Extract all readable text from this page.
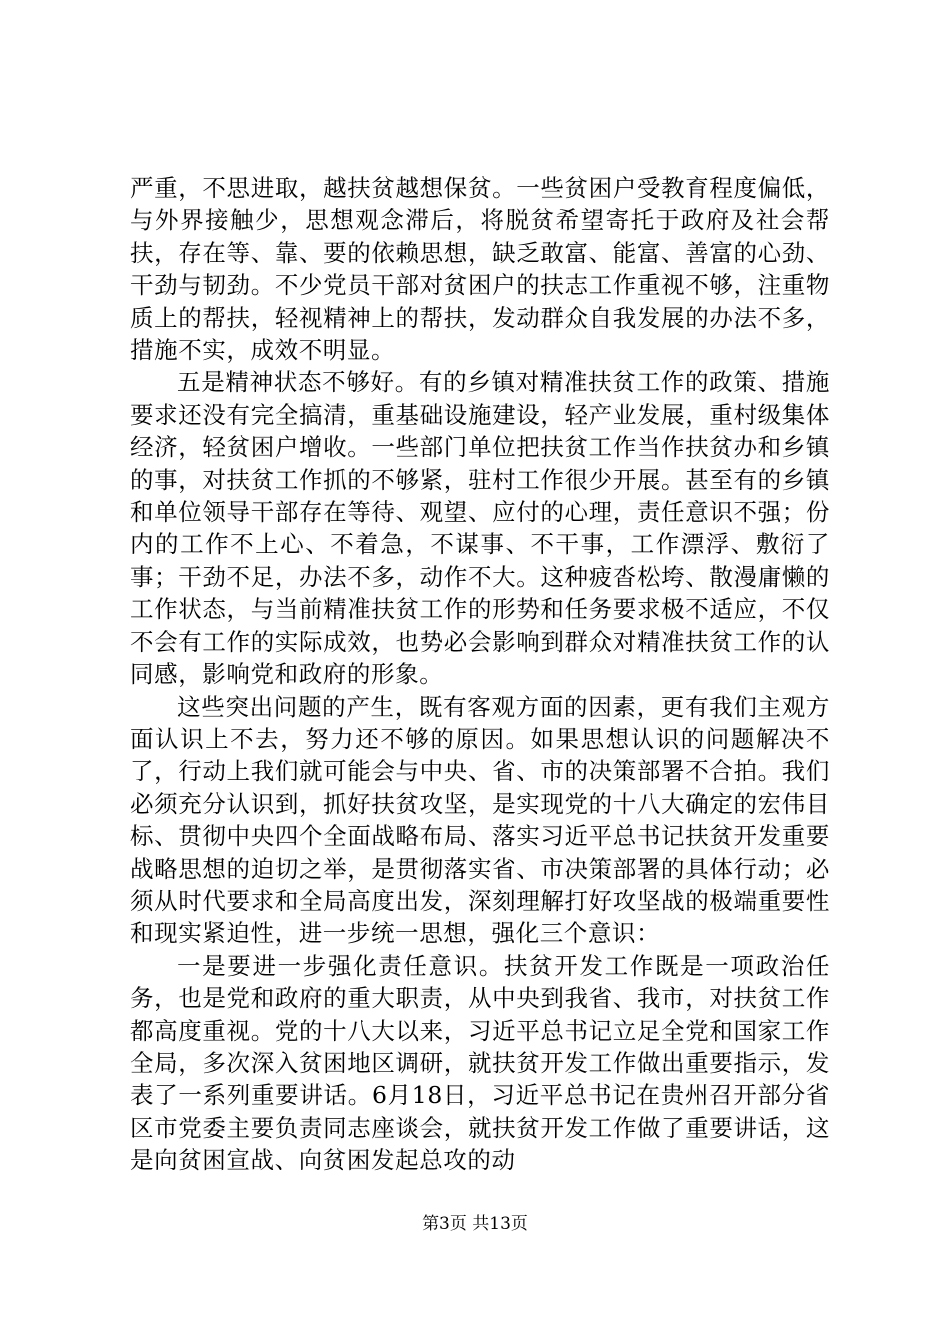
严重，不思进取，越扶贫越想保贫。一些贫困户受教育程度偏低，与外界接触少，思想观念滞后，将脱贫希望寄托于政府及社会帮扶，存在等、靠、要的依赖思想，缺乏敢富、能富、善富的心劲、干劲与韧劲。不少党员干部对贫困户的扶志工作重视不够，注重物质上的帮扶，轻视精神上的帮扶，发动群众自我发展的办法不多，措施不实，成效不明显。

五是精神状态不够好。有的乡镇对精准扶贫工作的政策、措施要求还没有完全搞清，重基础设施建设，轻产业发展，重村级集体经济，轻贫困户增收。一些部门单位把扶贫工作当作扶贫办和乡镇的事，对扶贫工作抓的不够紧，驻村工作很少开展。甚至有的乡镇和单位领导干部存在等待、观望、应付的心理，责任意识不强；份内的工作不上心、不着急，不谋事、不干事，工作漂浮、敷衍了事；干劲不足，办法不多，动作不大。这种疲沓松垮、散漫庸懒的工作状态，与当前精准扶贫工作的形势和任务要求极不适应，不仅不会有工作的实际成效，也势必会影响到群众对精准扶贫工作的认同感，影响党和政府的形象。

这些突出问题的产生，既有客观方面的因素，更有我们主观方面认识上不去，努力还不够的原因。如果思想认识的问题解决不了，行动上我们就可能会与中央、省、市的决策部署不合拍。我们必须充分认识到，抓好扶贫攻坚，是实现党的十八大确定的宏伟目标、贯彻中央四个全面战略布局、落实习近平总书记扶贫开发重要战略思想的迫切之举，是贯彻落实省、市决策部署的具体行动；必须从时代要求和全局高度出发，深刻理解打好攻坚战的极端重要性和现实紧迫性，进一步统一思想，强化三个意识：

一是要进一步强化责任意识。扶贫开发工作既是一项政治任务，也是党和政府的重大职责，从中央到我省、我市，对扶贫工作都高度重视。党的十八大以来，习近平总书记立足全党和国家工作全局，多次深入贫困地区调研，就扶贫开发工作做出重要指示，发表了一系列重要讲话。6月18日，习近平总书记在贵州召开部分省区市党委主要负责同志座谈会，就扶贫开发工作做了重要讲话，这是向贫困宣战、向贫困发起总攻的动

第3页 共13页
